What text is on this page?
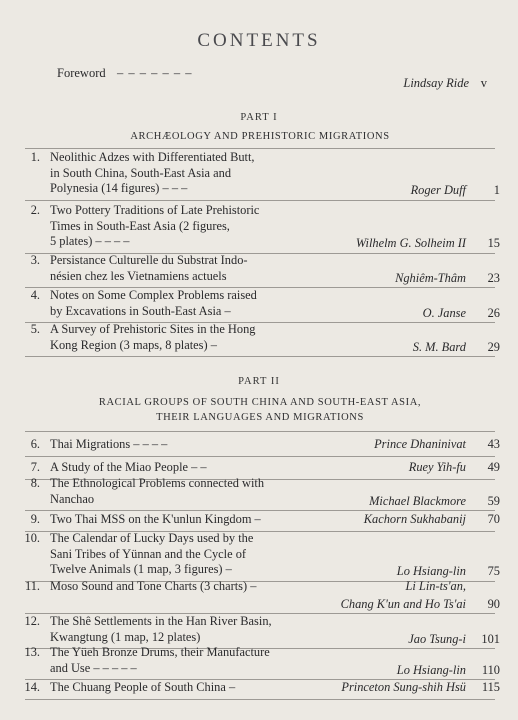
CONTENTS
Foreword – – – – – – –
Lindsay Ride v
PART I
ARCHÆOLOGY AND PREHISTORIC MIGRATIONS
1. Neolithic Adzes with Differentiated Butt,
in South China, South-East Asia and
Polynesia (14 figures) – – –	Roger Duff	1
2. Two Pottery Traditions of Late Prehistoric
Times in South-East Asia (2 figures,
5 plates) – – – –	Wilhelm G. Solheim II	15
3. Persistance Culturelle du Substrat Indo-
nésien chez les Vietnamiens actuels	Nghiêm-Thâm	23
4. Notes on Some Complex Problems raised
by Excavations in South-East Asia –	O. Janse	26
5. A Survey of Prehistoric Sites in the Hong
Kong Region (3 maps, 8 plates) –	S. M. Bard	29
PART II
RACIAL GROUPS OF SOUTH CHINA AND SOUTH-EAST ASIA,
THEIR LANGUAGES AND MIGRATIONS
6. Thai Migrations – – – –	Prince Dhaninivat	43
7. A Study of the Miao People – –	Ruey Yih-fu	49
8. The Ethnological Problems connected with
Nanchao	Michael Blackmore	59
9. Two Thai MSS on the K'unlun Kingdom –	Kachorn Sukhabanij	70
10. The Calendar of Lucky Days used by the
Sani Tribes of Yünnan and the Cycle of
Twelve Animals (1 map, 3 figures) –	Lo Hsiang-lin	75
11. Moso Sound and Tone Charts (3 charts) –	Li Lin-ts'an,
Chang K'un and Ho Ts'ai	90
12. The Shê Settlements in the Han River Basin,
Kwangtung (1 map, 12 plates)	Jao Tsung-i	101
13. The Yüeh Bronze Drums, their Manufacture
and Use – – – – –	Lo Hsiang-lin	110
14. The Chuang People of South China –	Princeton Sung-shih Hsü	115
